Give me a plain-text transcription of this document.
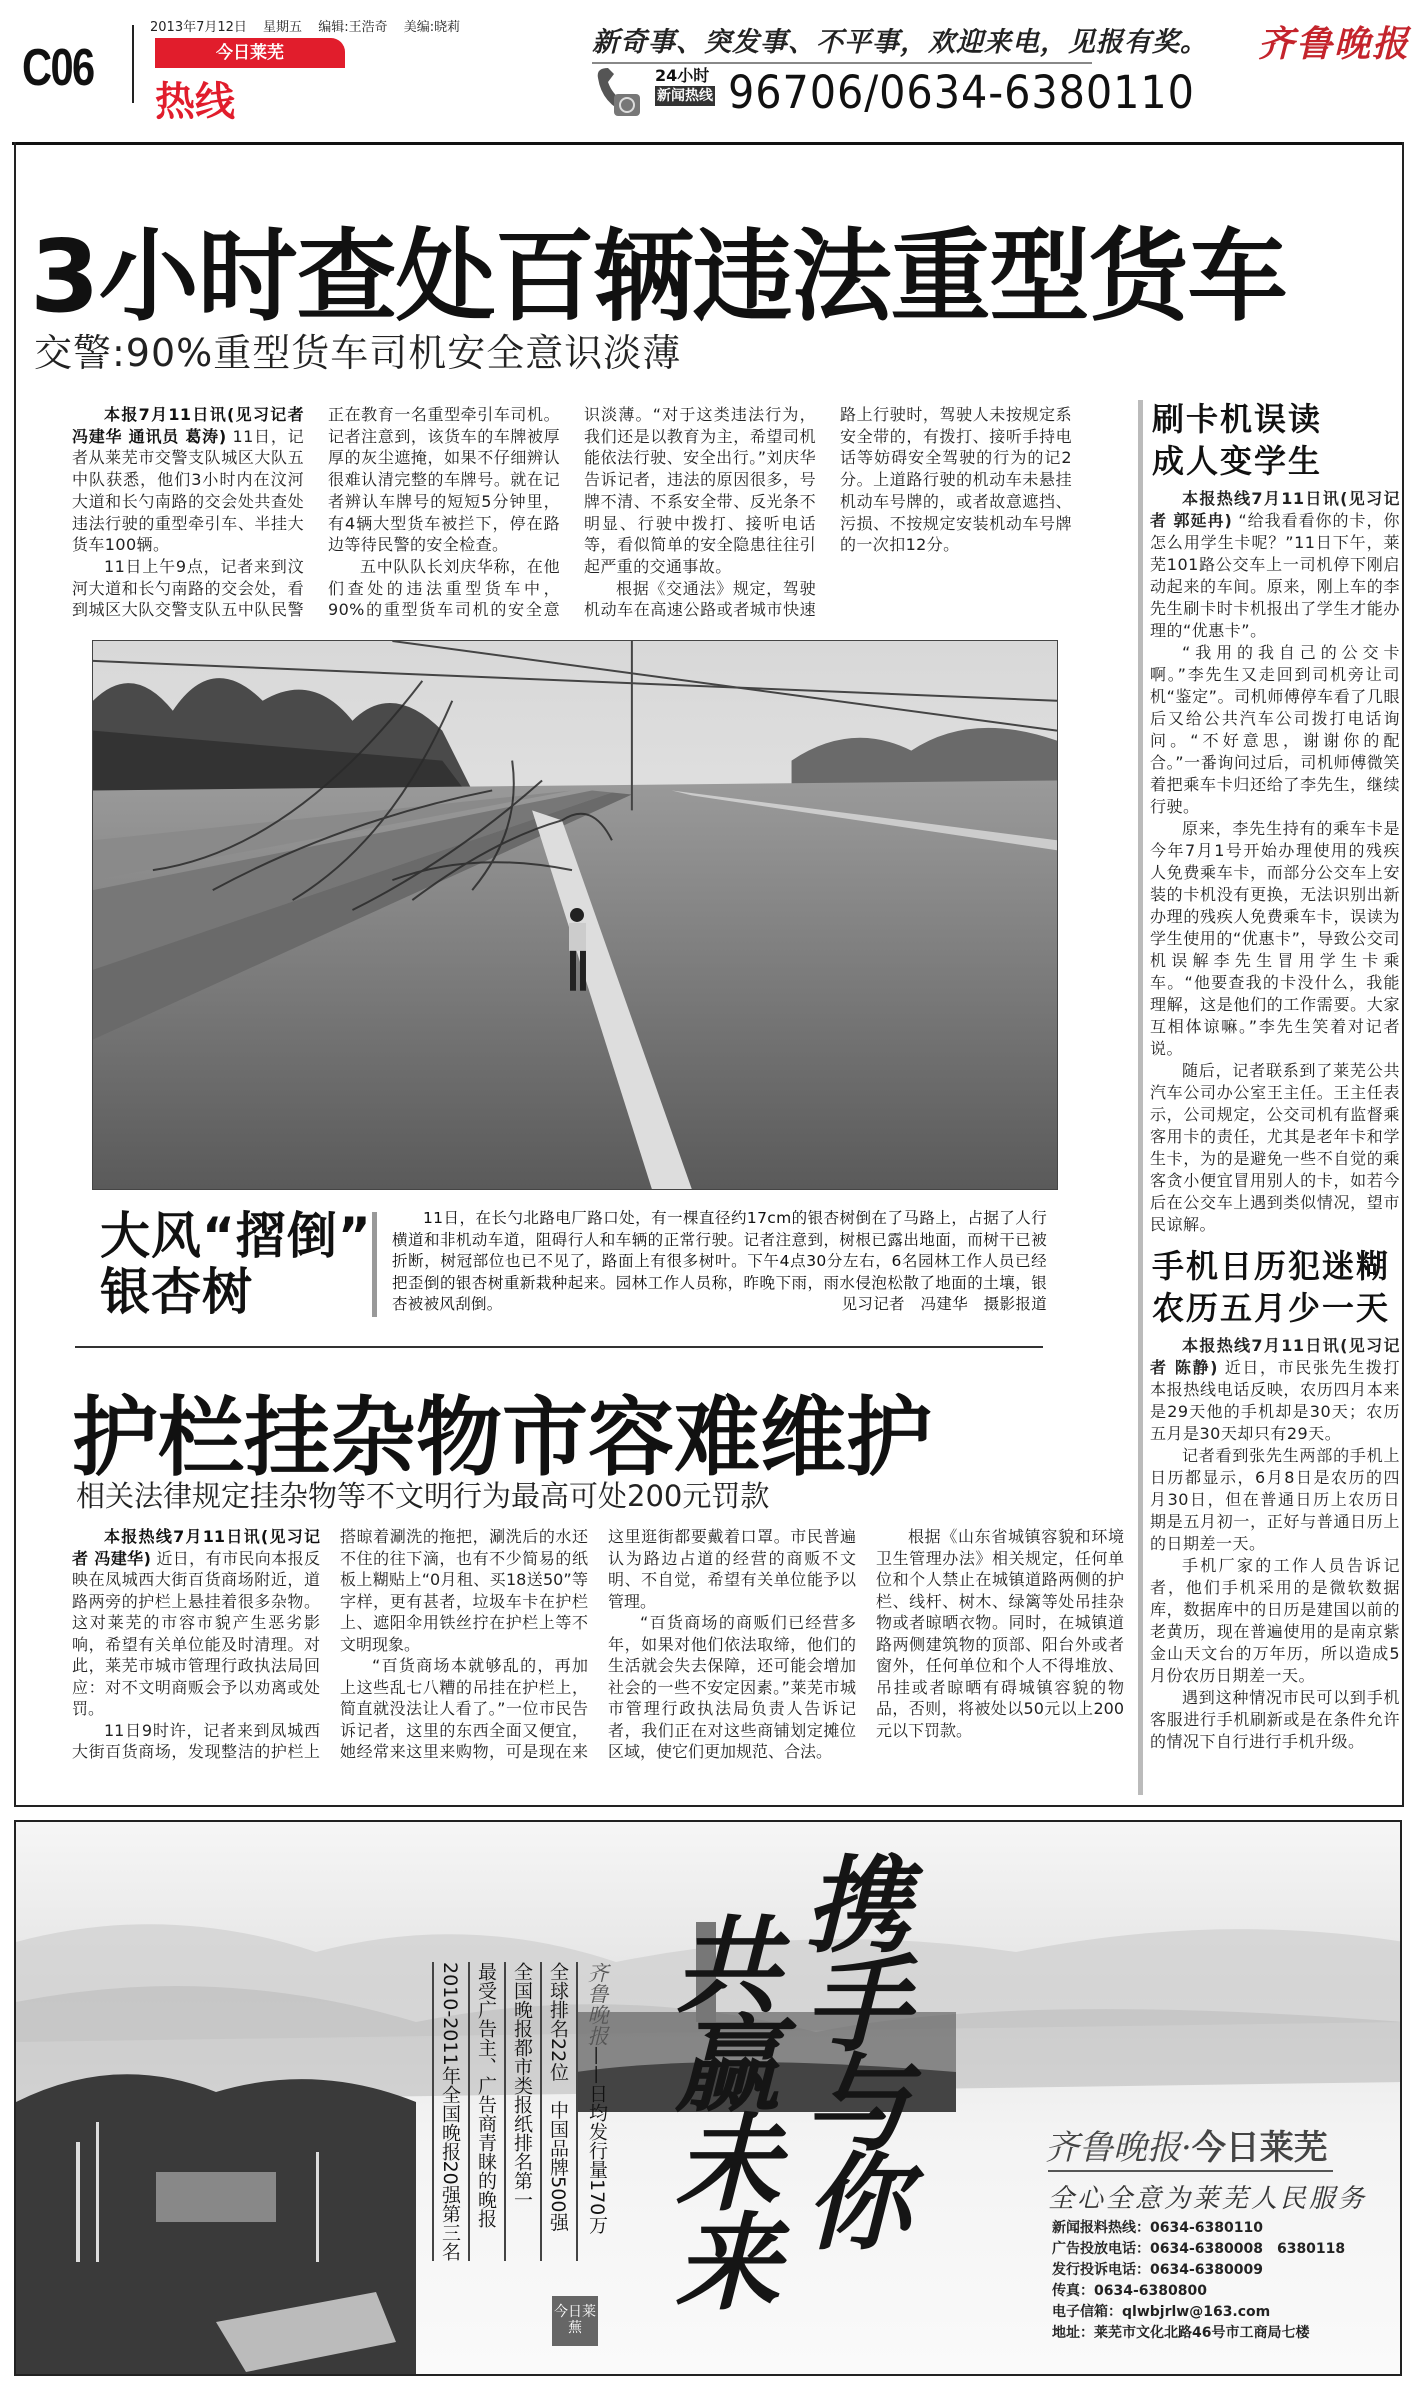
C06
2013年7月12日 星期五 编辑:王浩奇 美编:晓莉
今日莱芜
热线
新奇事、突发事、不平事，欢迎来电，见报有奖。
24小时
新闻热线 96706/0634-6380110
齐鲁晚报
3小时查处百辆违法重型货车
交警:90%重型货车司机安全意识淡薄

本报7月11日讯(见习记者 冯建华 通讯员 葛涛) 11日，记者从莱芜市交警支队城区大队五中队获悉，他们3小时内在汶河大道和长勺南路的交会处共查处违法行驶的重型牵引车、半挂大货车100辆。

11日上午9点，记者来到汶河大道和长勺南路的交会处，看到城区大队交警支队五中队民警正在教育一名重型牵引车司机。记者注意到，该货车的车牌被厚厚的灰尘遮掩，如果不仔细辨认很难认清完整的车牌号。就在记者辨认车牌号的短短5分钟里，有4辆大型货车被拦下，停在路边等待民警的安全检查。

五中队队长刘庆华称，在他们查处的违法重型货车中，90%的重型货车司机的安全意识淡薄。“对于这类违法行为，我们还是以教育为主，希望司机能依法行驶、安全出行。”刘庆华告诉记者，违法的原因很多，号牌不清、不系安全带、反光条不明显、行驶中拨打、接听电话等，看似简单的安全隐患往往引起严重的交通事故。

根据《交通法》规定，驾驶机动车在高速公路或者城市快速路上行驶时，驾驶人未按规定系安全带的，有拨打、接听手持电话等妨碍安全驾驶的行为的记2分。上道路行驶的机动车未悬挂机动车号牌的，或者故意遮挡、污损、不按规定安装机动车号牌的一次扣12分。

刷卡机误读
成人变学生

本报热线7月11日讯(见习记者 郭延冉) “给我看看你的卡，你怎么用学生卡呢？”11日下午，莱芜101路公交车上一司机停下刚启动起来的车间。原来，刚上车的李先生刷卡时卡机报出了学生才能办理的“优惠卡”。

“我用的我自己的公交卡啊。”李先生又走回到司机旁让司机“鉴定”。司机师傅停车看了几眼后又给公共汽车公司拨打电话询问。“不好意思，谢谢你的配合。”一番询问过后，司机师傅微笑着把乘车卡归还给了李先生，继续行驶。

原来，李先生持有的乘车卡是今年7月1号开始办理使用的残疾人免费乘车卡，而部分公交车上安装的卡机没有更换，无法识别出新办理的残疾人免费乘车卡，误读为学生使用的“优惠卡”，导致公交司机误解李先生冒用学生卡乘车。“他要查我的卡没什么，我能理解，这是他们的工作需要。大家互相体谅嘛。”李先生笑着对记者说。

随后，记者联系到了莱芜公共汽车公司办公室王主任。王主任表示，公司规定，公交司机有监督乘客用卡的责任，尤其是老年卡和学生卡，为的是避免一些不自觉的乘客贪小便宜冒用别人的卡，如若今后在公交车上遇到类似情况，望市民谅解。

手机日历犯迷糊
农历五月少一天

本报热线7月11日讯(见习记者 陈静) 近日，市民张先生拨打本报热线电话反映，农历四月本来是29天他的手机却是30天；农历五月是30天却只有29天。

记者看到张先生两部的手机上日历都显示，6月8日是农历的四月30日，但在普通日历上农历日期是五月初一，正好与普通日历上的日期差一天。

手机厂家的工作人员告诉记者，他们手机采用的是微软数据库，数据库中的日历是建国以前的老黄历，现在普遍使用的是南京紫金山天文台的万年历，所以造成5月份农历日期差一天。

遇到这种情况市民可以到手机客服进行手机刷新或是在条件允许的情况下自行进行手机升级。

大风“摺倒”
银杏树
11日，在长勺北路电厂路口处，有一棵直径约17cm的银杏树倒在了马路上，占据了人行横道和非机动车道，阻碍行人和车辆的正常行驶。记者注意到，树根已露出地面，而树干已被折断，树冠部位也已不见了，路面上有很多树叶。下午4点30分左右，6名园林工作人员已经把歪倒的银杏树重新栽种起来。园林工作人员称，昨晚下雨，雨水侵泡松散了地面的土壤，银杏被被风刮倒。	见习记者　冯建华　摄影报道
护栏挂杂物市容难维护
相关法律规定挂杂物等不文明行为最高可处200元罚款

本报热线7月11日讯(见习记者 冯建华) 近日，有市民向本报反映在凤城西大街百货商场附近，道路两旁的护栏上悬挂着很多杂物。这对莱芜的市容市貌产生恶劣影响，希望有关单位能及时清理。对此，莱芜市城市管理行政执法局回应：对不文明商贩会予以劝离或处罚。

11日9时许，记者来到凤城西大街百货商场，发现整洁的护栏上搭晾着涮洗的拖把，涮洗后的水还不住的往下滴，也有不少简易的纸板上糊贴上“0月租、买18送50”等字样，更有甚者，垃圾车卡在护栏上、遮阳伞用铁丝拧在护栏上等不文明现象。

“百货商场本就够乱的，再加上这些乱七八糟的吊挂在护栏上，简直就没法让人看了。”一位市民告诉记者，这里的东西全面又便宜，她经常来这里来购物，可是现在来这里逛街都要戴着口罩。市民普遍认为路边占道的经营的商贩不文明、不自觉，希望有关单位能予以管理。

“百货商场的商贩们已经营多年，如果对他们依法取缔，他们的生活就会失去保障，还可能会增加社会的一些不安定因素。”莱芜市城市管理行政执法局负责人告诉记者，我们正在对这些商铺划定摊位区域，使它们更加规范、合法。

根据《山东省城镇容貌和环境卫生管理办法》相关规定，任何单位和个人禁止在城镇道路两侧的护栏、线杆、树木、绿篱等处吊挂杂物或者晾晒衣物。同时，在城镇道路两侧建筑物的顶部、阳台外或者窗外，任何单位和个人不得堆放、吊挂或者晾晒有碍城镇容貌的物品，否则，将被处以50元以上200元以下罚款。

携手与你
共赢未来
齐鲁晚报——日均发行量170万
全球排名22位　中国品牌500强
全国晚报都市类报纸排名第一
最受广告主、广告商青睐的晚报
2010-2011年全国晚报20强第三名
今日莱蕪
齐鲁晚报·今日莱芜
全心全意为莱芜人民服务
新闻报料热线：0634-6380110
广告投放电话：0634-6380008　6380118
发行投诉电话：0634-6380009
传真：0634-6380800
电子信箱：qlwbjrlw@163.com
地址：莱芜市文化北路46号市工商局七楼
